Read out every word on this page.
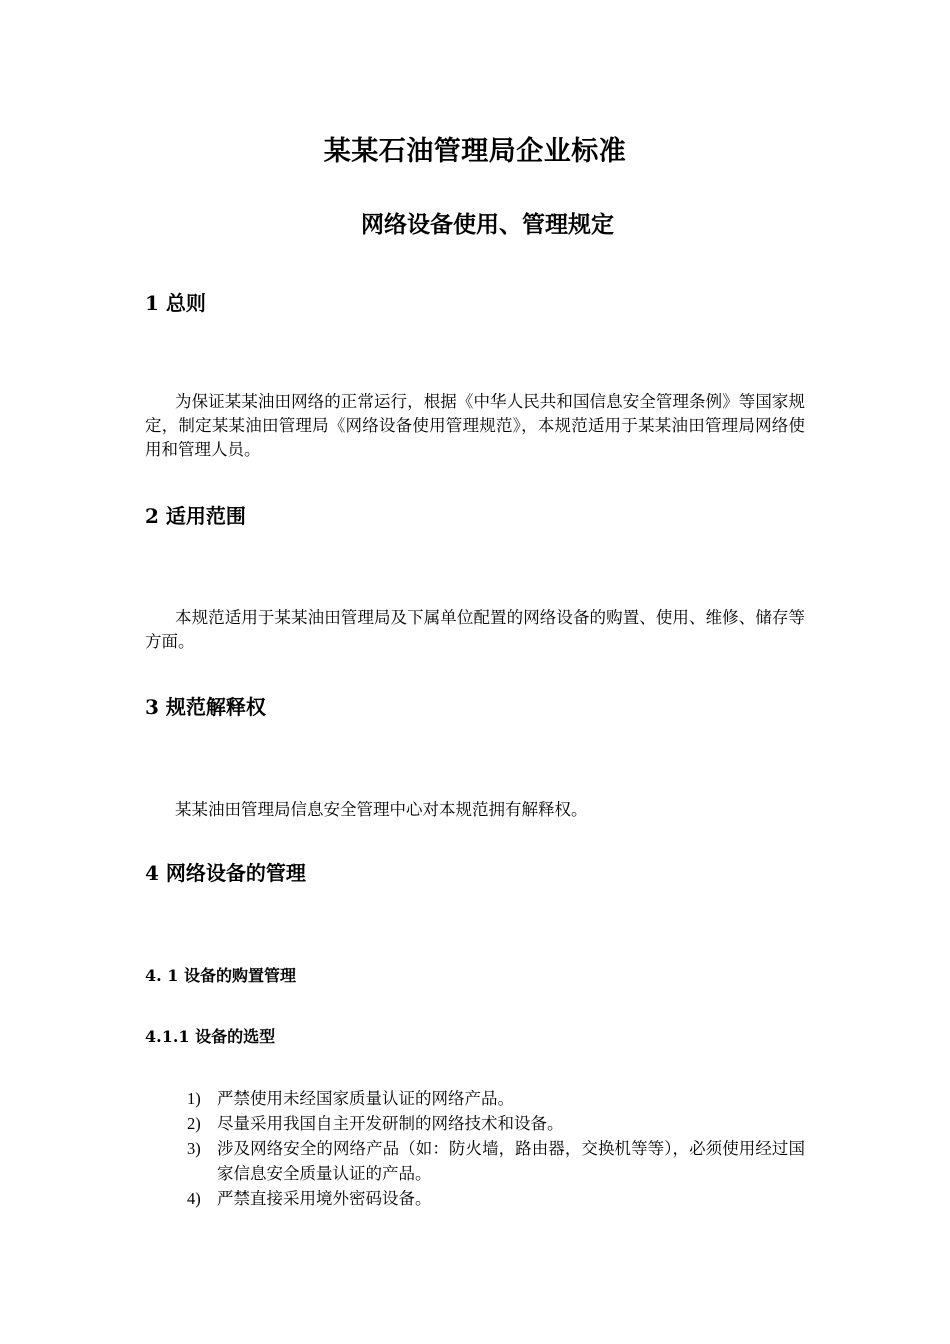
某某石油管理局企业标准
网络设备使用、管理规定
1 总则

为保证某某油田网络的正常运行，根据《中华人民共和国信息安全管理条例》等国家规定，制定某某油田管理局《网络设备使用管理规范》，本规范适用于某某油田管理局网络使用和管理人员。

2 适用范围

本规范适用于某某油田管理局及下属单位配置的网络设备的购置、使用、维修、储存等方面。

3 规范解释权

某某油田管理局信息安全管理中心对本规范拥有解释权。

4 网络设备的管理
4. 1 设备的购置管理
4.1.1 设备的选型
1) 严禁使用未经国家质量认证的网络产品。
2) 尽量采用我国自主开发研制的网络技术和设备。
3) 涉及网络安全的网络产品（如：防火墙，路由器，交换机等等），必须使用经过国家信息安全质量认证的产品。
4) 严禁直接采用境外密码设备。
